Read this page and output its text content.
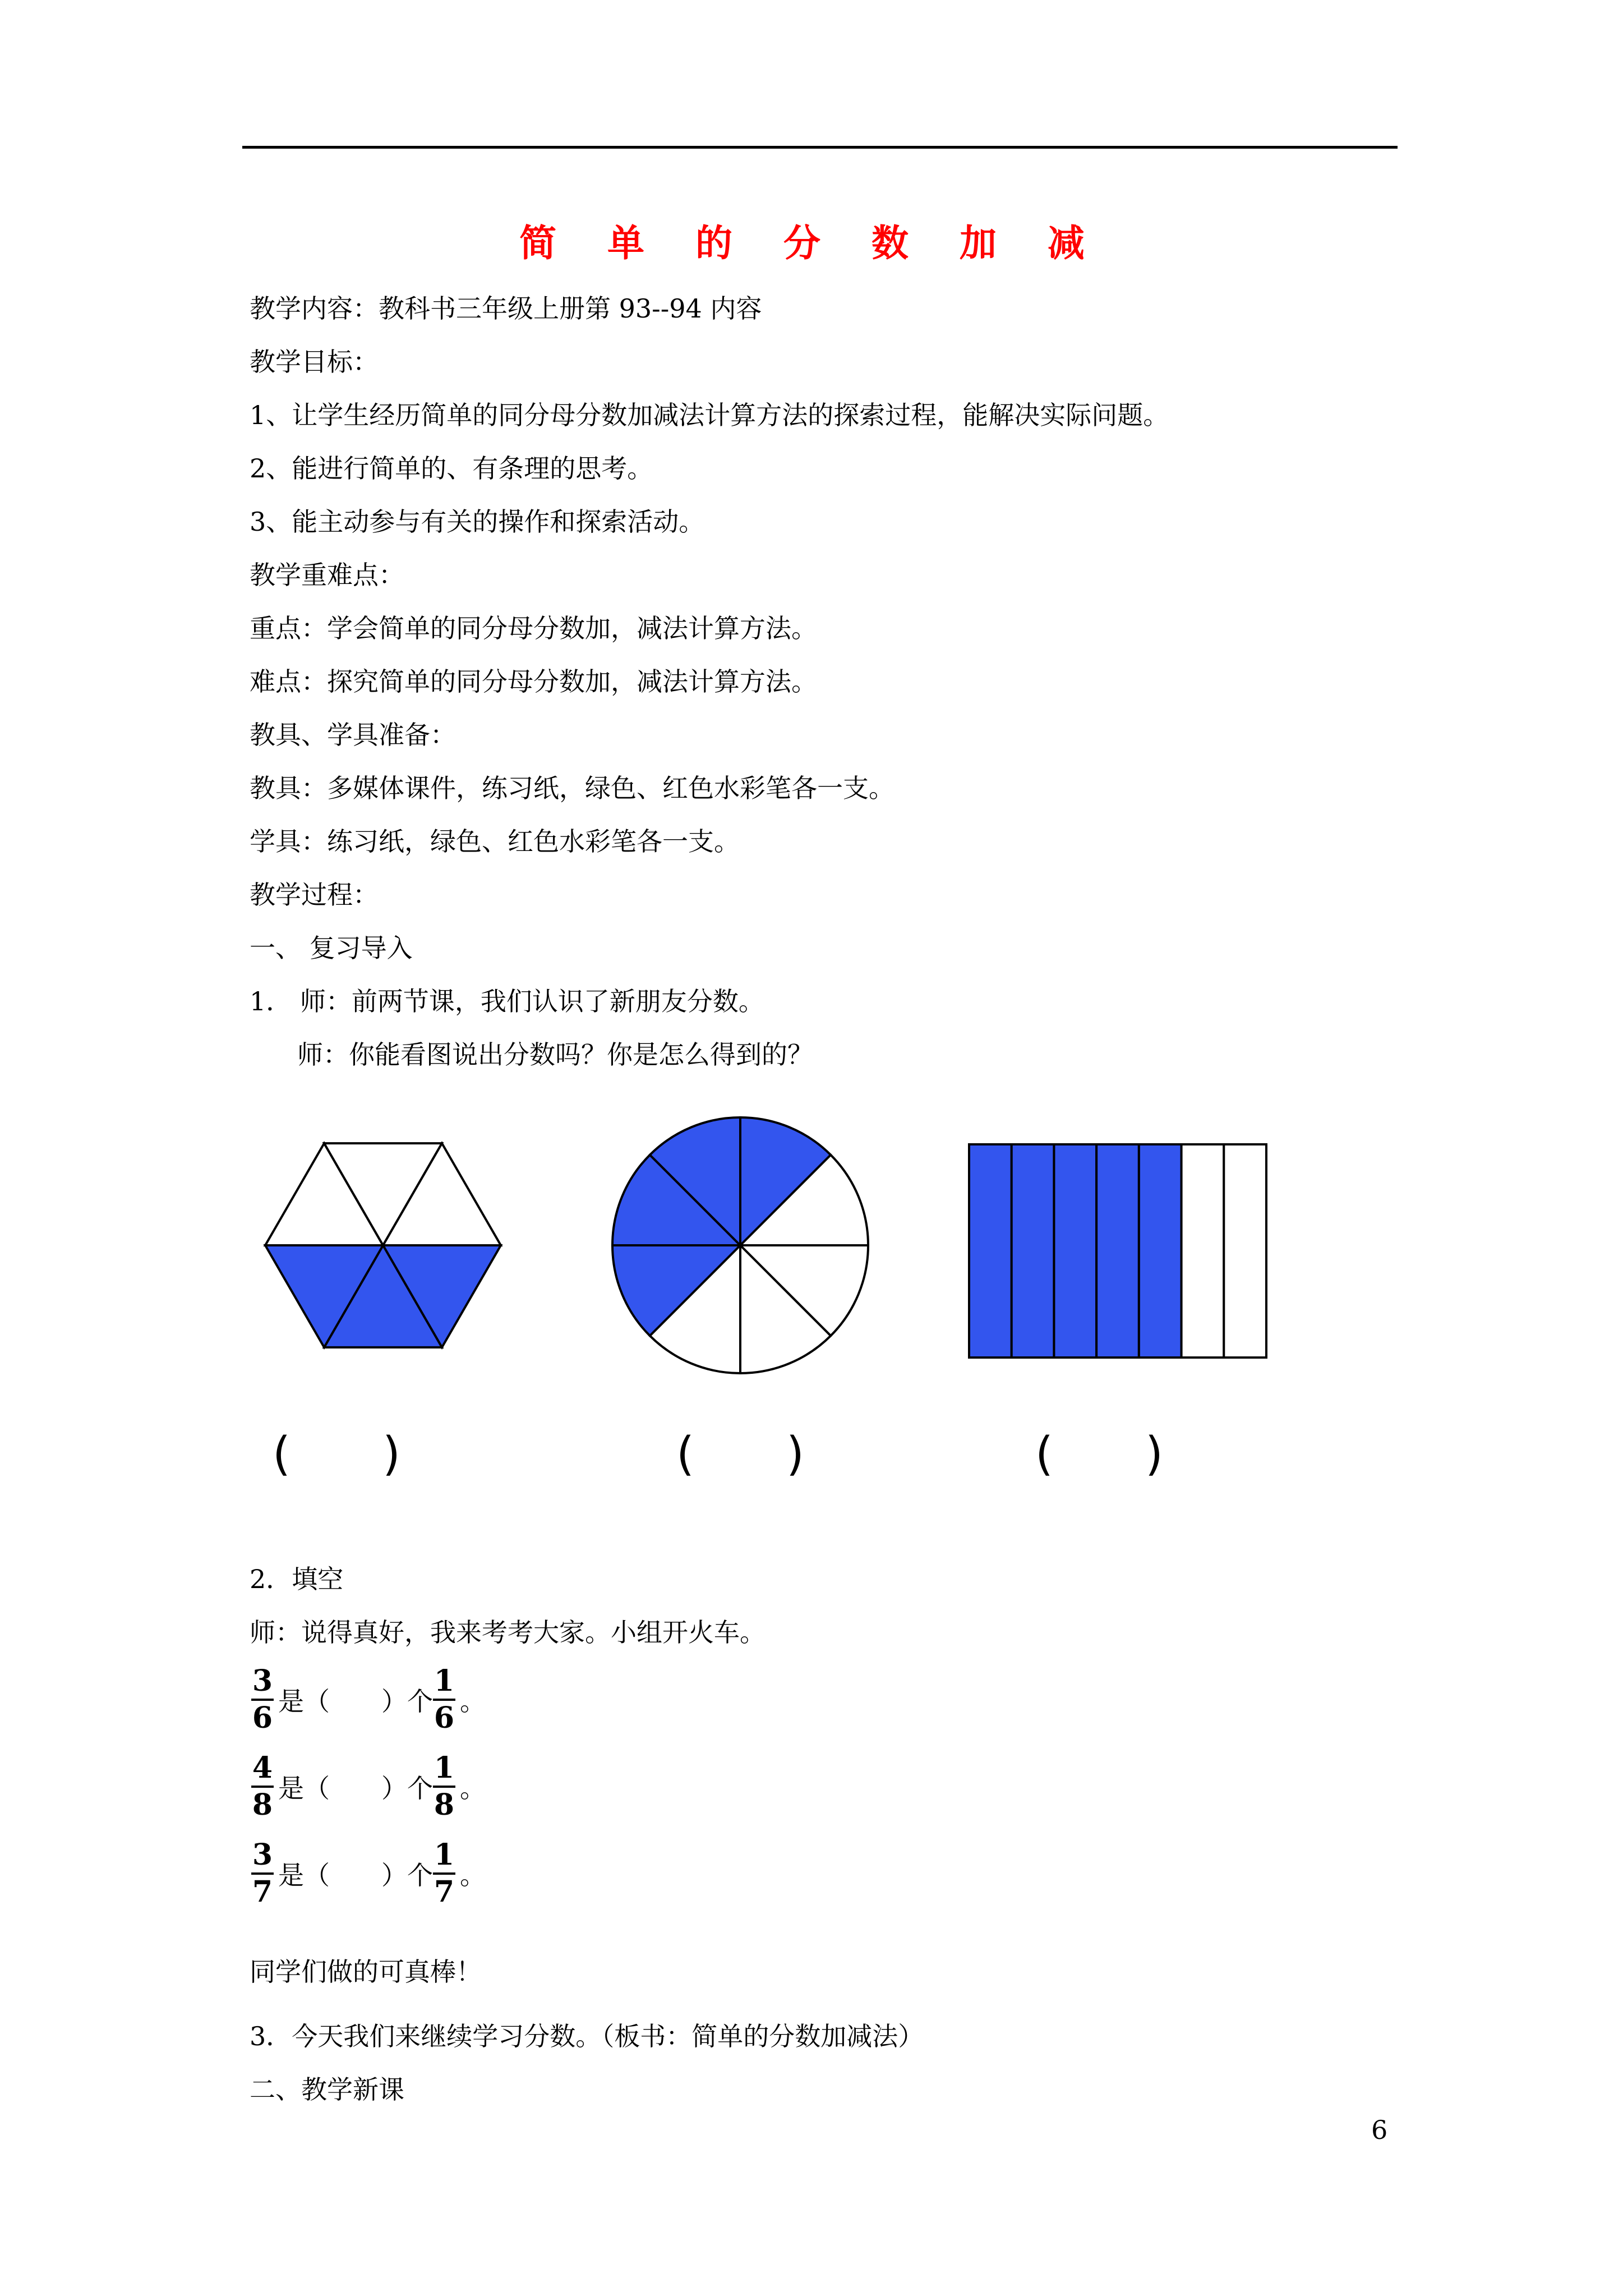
简 单 的 分 数 加 减
教学内容：教科书三年级上册第 93--94 内容
教学目标：
1、让学生经历简单的同分母分数加减法计算方法的探索过程，能解决实际问题。
2、能进行简单的、有条理的思考。
3、能主动参与有关的操作和探索活动。
教学重难点：
重点：学会简单的同分母分数加，减法计算方法。
难点：探究简单的同分母分数加，减法计算方法。
教具、学具准备：
教具：多媒体课件，练习纸，绿色、红色水彩笔各一支。
学具：练习纸，绿色、红色水彩笔各一支。
教学过程：
一、 复习导入
1． 师：前两节课，我们认识了新朋友分数。
师：你能看图说出分数吗？你是怎么得到的？
(　　)	(　　)	(　　)
2．填空
师：说得真好，我来考考大家。小组开火车。
$\frac{3}{6}$ 是（　　）个 $\frac{1}{6}$ 。
$\frac{4}{8}$ 是（　　）个 $\frac{1}{8}$ 。
$\frac{3}{7}$ 是（　　）个 $\frac{1}{7}$ 。
同学们做的可真棒！
3．今天我们来继续学习分数。（板书：简单的分数加减法）
二、教学新课
6
